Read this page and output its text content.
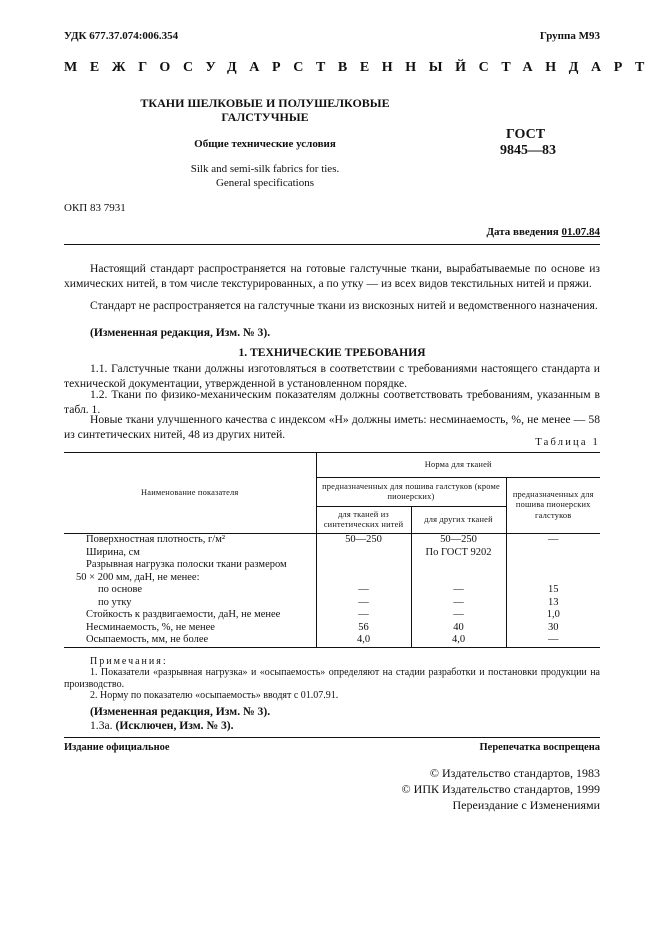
УДК 677.37.074:006.354	Группа М93
МЕЖГОСУДАРСТВЕННЫЙ СТАНДАРТ
ТКАНИ ШЕЛКОВЫЕ И ПОЛУШЕЛКОВЫЕ
ГАЛСТУЧНЫЕ
Общие технические условия
Silk and semi-silk fabrics for ties.
General specifications
ГОСТ
9845—83
ОКП 83 7931
Дата введения 01.07.84
Настоящий стандарт распространяется на готовые галстучные ткани, вырабатываемые по основе из химических нитей, в том числе текстурированных, а по утку — из всех видов текстильных нитей и пряжи.
Стандарт не распространяется на галстучные ткани из вискозных нитей и ведомственного назначения.
(Измененная редакция, Изм. № 3).
1. ТЕХНИЧЕСКИЕ ТРЕБОВАНИЯ
1.1. Галстучные ткани должны изготовляться в соответствии с требованиями настоящего стандарта и технической документации, утвержденной в установленном порядке.
1.2. Ткани по физико-механическим показателям должны соответствовать требованиям, указанным в табл. 1.
Новые ткани улучшенного качества с индексом «Н» должны иметь: несминаемость, %, не менее — 58 из синтетических нитей, 48 из других нитей.
Таблица 1
Наименование показателя	Норма для тканей		
	предназначенных для пошива галстуков (кроме пионерских)		предназначенных для пошива пионерских галстуков
	для тканей из синтетических нитей	для других тканей	
Поверхностная плотность, г/м²	50—250	50—250	—
Ширина, см		По ГОСТ 9202	
Разрывная нагрузка полоски ткани размером			
50 × 200 мм, даН, не менее:			
по основе	—	—	15
по утку	—	—	13
Стойкость к раздвигаемости, даН, не менее	—	—	1,0
Несминаемость, %, не менее	56	40	30
Осыпаемость, мм, не более	4,0	4,0	—
Примечания:
1. Показатели «разрывная нагрузка» и «осыпаемость» определяют на стадии разработки и постановки продукции на производство.
2. Норму по показателю «осыпаемость» вводят с 01.07.91.
(Измененная редакция, Изм. № 3).
1.3а. (Исключен, Изм. № 3).
Издание официальное	Перепечатка воспрещена
© Издательство стандартов, 1983
© ИПК Издательство стандартов, 1999
Переиздание с Изменениями
